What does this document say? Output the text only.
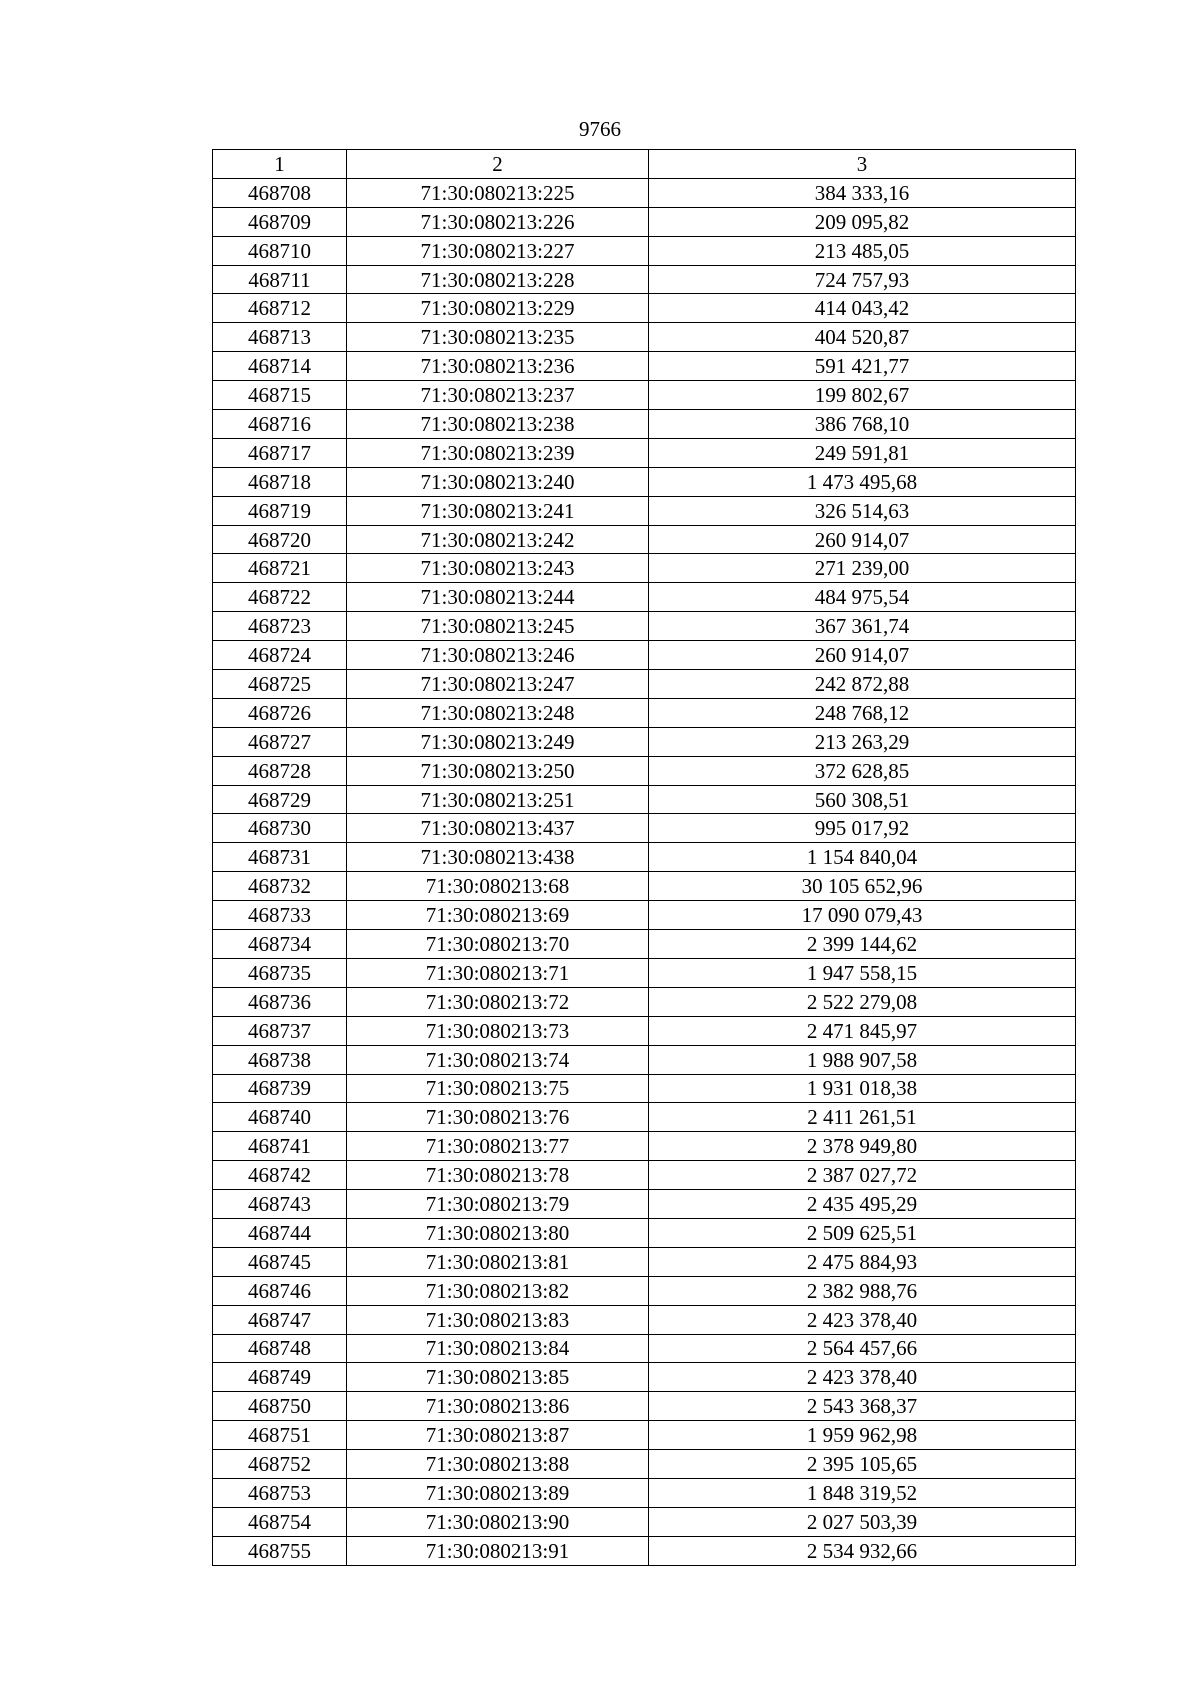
9766
1	2	3
468708	71:30:080213:225	384 333,16
468709	71:30:080213:226	209 095,82
468710	71:30:080213:227	213 485,05
468711	71:30:080213:228	724 757,93
468712	71:30:080213:229	414 043,42
468713	71:30:080213:235	404 520,87
468714	71:30:080213:236	591 421,77
468715	71:30:080213:237	199 802,67
468716	71:30:080213:238	386 768,10
468717	71:30:080213:239	249 591,81
468718	71:30:080213:240	1 473 495,68
468719	71:30:080213:241	326 514,63
468720	71:30:080213:242	260 914,07
468721	71:30:080213:243	271 239,00
468722	71:30:080213:244	484 975,54
468723	71:30:080213:245	367 361,74
468724	71:30:080213:246	260 914,07
468725	71:30:080213:247	242 872,88
468726	71:30:080213:248	248 768,12
468727	71:30:080213:249	213 263,29
468728	71:30:080213:250	372 628,85
468729	71:30:080213:251	560 308,51
468730	71:30:080213:437	995 017,92
468731	71:30:080213:438	1 154 840,04
468732	71:30:080213:68	30 105 652,96
468733	71:30:080213:69	17 090 079,43
468734	71:30:080213:70	2 399 144,62
468735	71:30:080213:71	1 947 558,15
468736	71:30:080213:72	2 522 279,08
468737	71:30:080213:73	2 471 845,97
468738	71:30:080213:74	1 988 907,58
468739	71:30:080213:75	1 931 018,38
468740	71:30:080213:76	2 411 261,51
468741	71:30:080213:77	2 378 949,80
468742	71:30:080213:78	2 387 027,72
468743	71:30:080213:79	2 435 495,29
468744	71:30:080213:80	2 509 625,51
468745	71:30:080213:81	2 475 884,93
468746	71:30:080213:82	2 382 988,76
468747	71:30:080213:83	2 423 378,40
468748	71:30:080213:84	2 564 457,66
468749	71:30:080213:85	2 423 378,40
468750	71:30:080213:86	2 543 368,37
468751	71:30:080213:87	1 959 962,98
468752	71:30:080213:88	2 395 105,65
468753	71:30:080213:89	1 848 319,52
468754	71:30:080213:90	2 027 503,39
468755	71:30:080213:91	2 534 932,66
